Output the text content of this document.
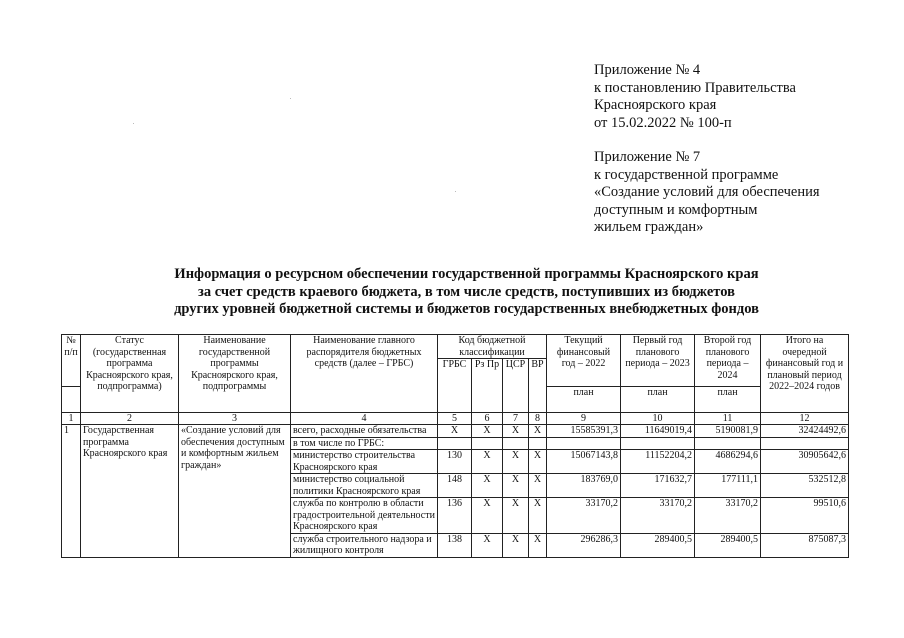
Приложение № 4
к постановлению Правительства
Красноярского края
от 15.02.2022 № 100-п
Приложение № 7
к государственной программе
«Создание условий для обеспечения
доступным и комфортным
жильем граждан»
Информация о ресурсном обеспечении государственной программы Красноярского края
за счет средств краевого бюджета, в том числе средств, поступивших из бюджетов
других уровней бюджетной системы и бюджетов государственных внебюджетных фондов
№ п/п	Статус (государственная программа Красноярского края, подпрограмма)	Наименование государственной программы Красноярского края, подпрограммы	Наименование главного распорядителя бюджетных средств (далее – ГРБС)	Код бюджетной классификации				Текущий финансовый год – 2022	Первый год планового периода – 2023	Второй год планового периода – 2024	Итого на очередной финансовый год и плановый период 2022–2024 годов
				ГРБС	Рз Пр	ЦСР	ВР				
								план	план	план	
1	2	3	4	5	6	7	8	9	10	11	12
1	Государственная программа Красноярского края	«Создание условий для обеспечения доступным и комфортным жильем граждан»	всего, расходные обязательства	Х	Х	Х	Х	15585391,3	11649019,4	5190081,9	32424492,6
			в том числе по ГРБС:								
			министерство строительства Красноярского края	130	Х	Х	Х	15067143,8	11152204,2	4686294,6	30905642,6
			министерство социальной политики Красноярского края	148	Х	Х	Х	183769,0	171632,7	177111,1	532512,8
			служба по контролю в области градостроительной деятельности Красноярского края	136	Х	Х	Х	33170,2	33170,2	33170,2	99510,6
			служба строительного надзора и жилищного контроля	138	Х	Х	Х	296286,3	289400,5	289400,5	875087,3
